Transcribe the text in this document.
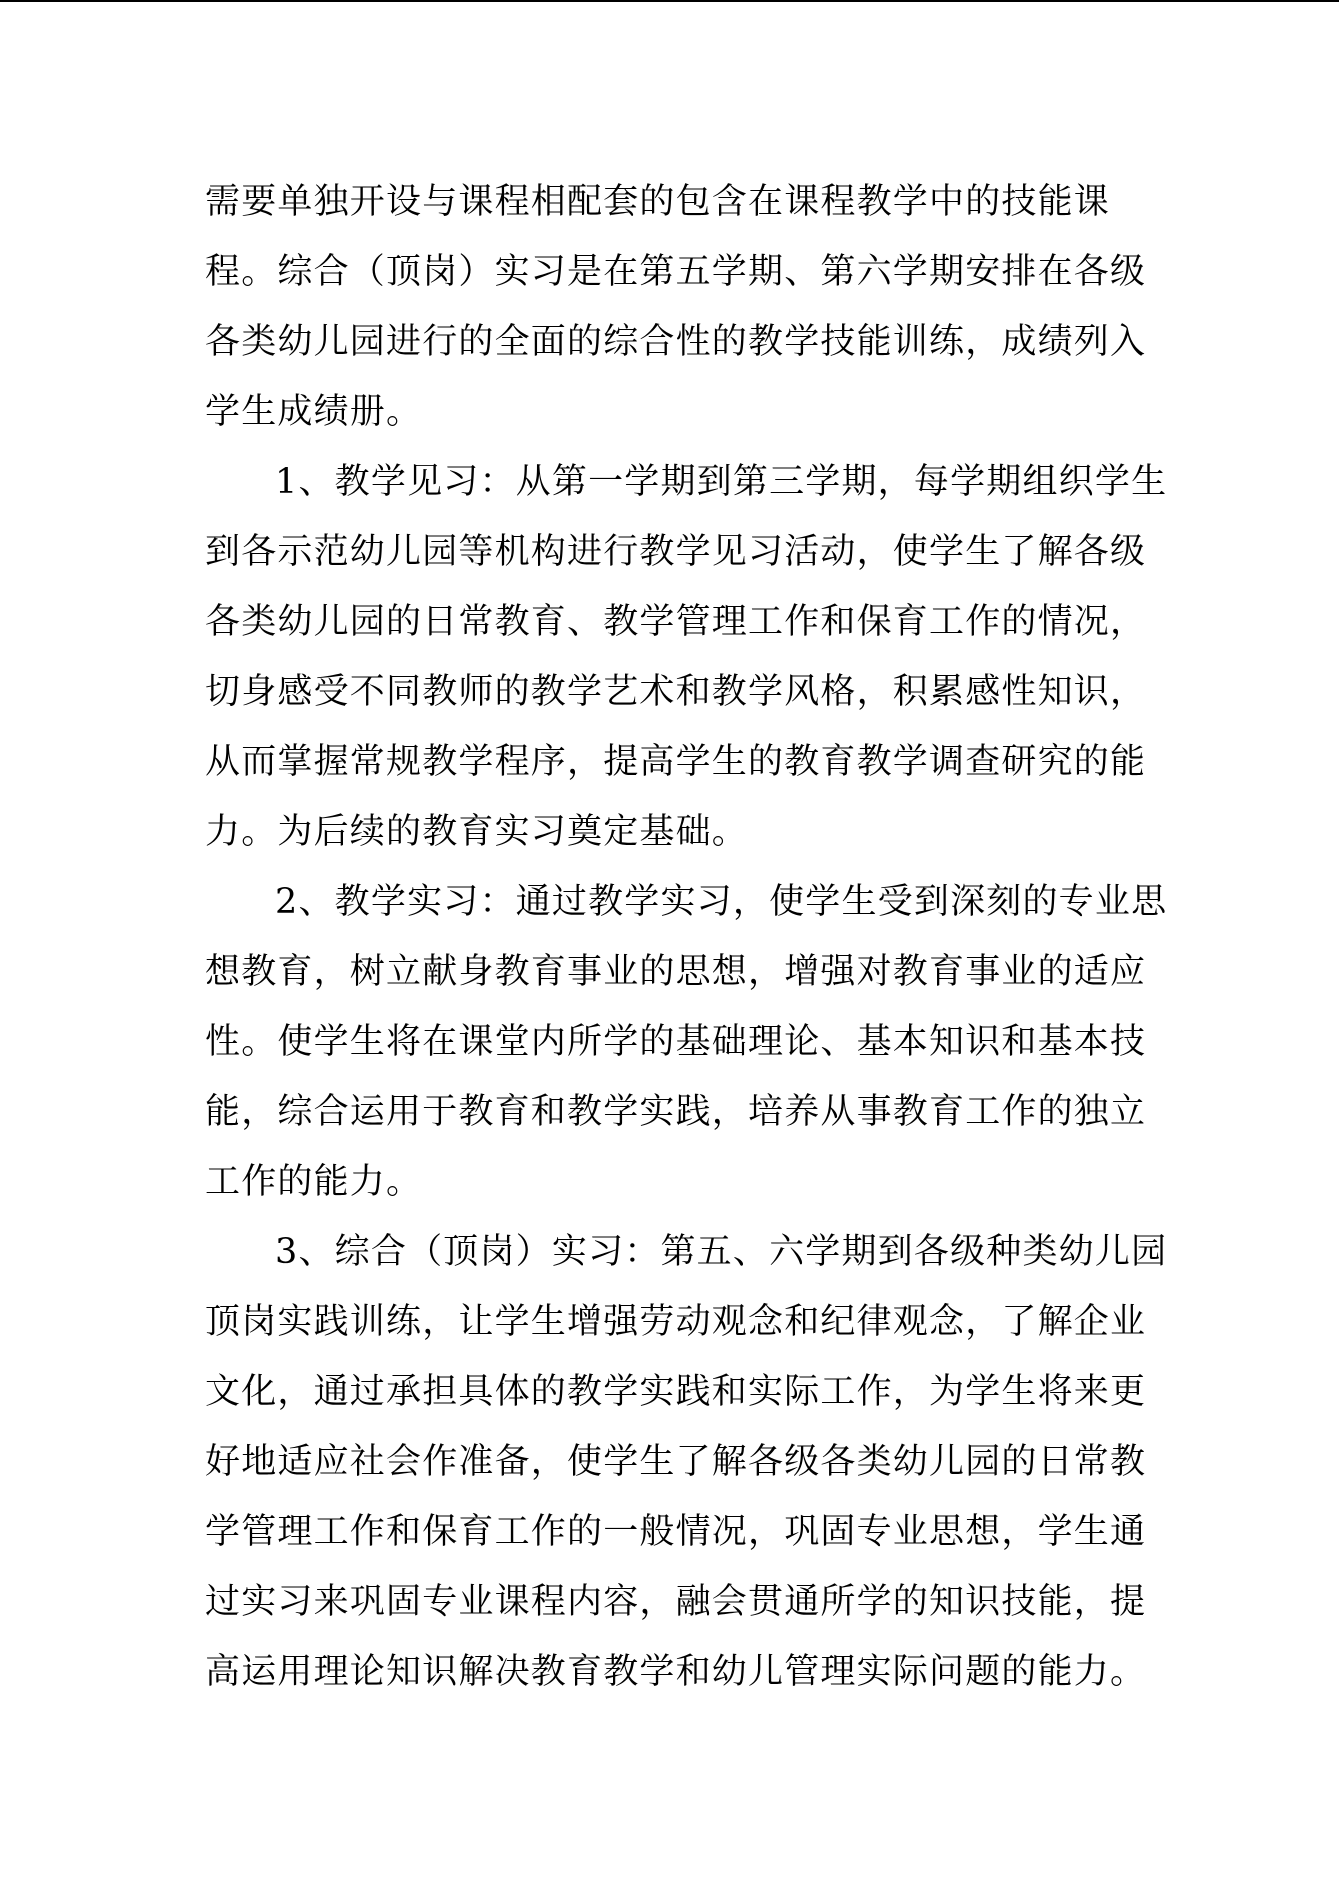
需要单独开设与课程相配套的包含在课程教学中的技能课
程。综合（顶岗）实习是在第五学期、第六学期安排在各级
各类幼儿园进行的全面的综合性的教学技能训练，成绩列入
学生成绩册。
1、教学见习：从第一学期到第三学期，每学期组织学生
到各示范幼儿园等机构进行教学见习活动，使学生了解各级
各类幼儿园的日常教育、教学管理工作和保育工作的情况，
切身感受不同教师的教学艺术和教学风格，积累感性知识，
从而掌握常规教学程序，提高学生的教育教学调查研究的能
力。为后续的教育实习奠定基础。
2、教学实习：通过教学实习，使学生受到深刻的专业思
想教育，树立献身教育事业的思想，增强对教育事业的适应
性。使学生将在课堂内所学的基础理论、基本知识和基本技
能，综合运用于教育和教学实践，培养从事教育工作的独立
工作的能力。
3、综合（顶岗）实习：第五、六学期到各级种类幼儿园
顶岗实践训练，让学生增强劳动观念和纪律观念，了解企业
文化，通过承担具体的教学实践和实际工作，为学生将来更
好地适应社会作准备，使学生了解各级各类幼儿园的日常教
学管理工作和保育工作的一般情况，巩固专业思想，学生通
过实习来巩固专业课程内容，融会贯通所学的知识技能，提
高运用理论知识解决教育教学和幼儿管理实际问题的能力。
